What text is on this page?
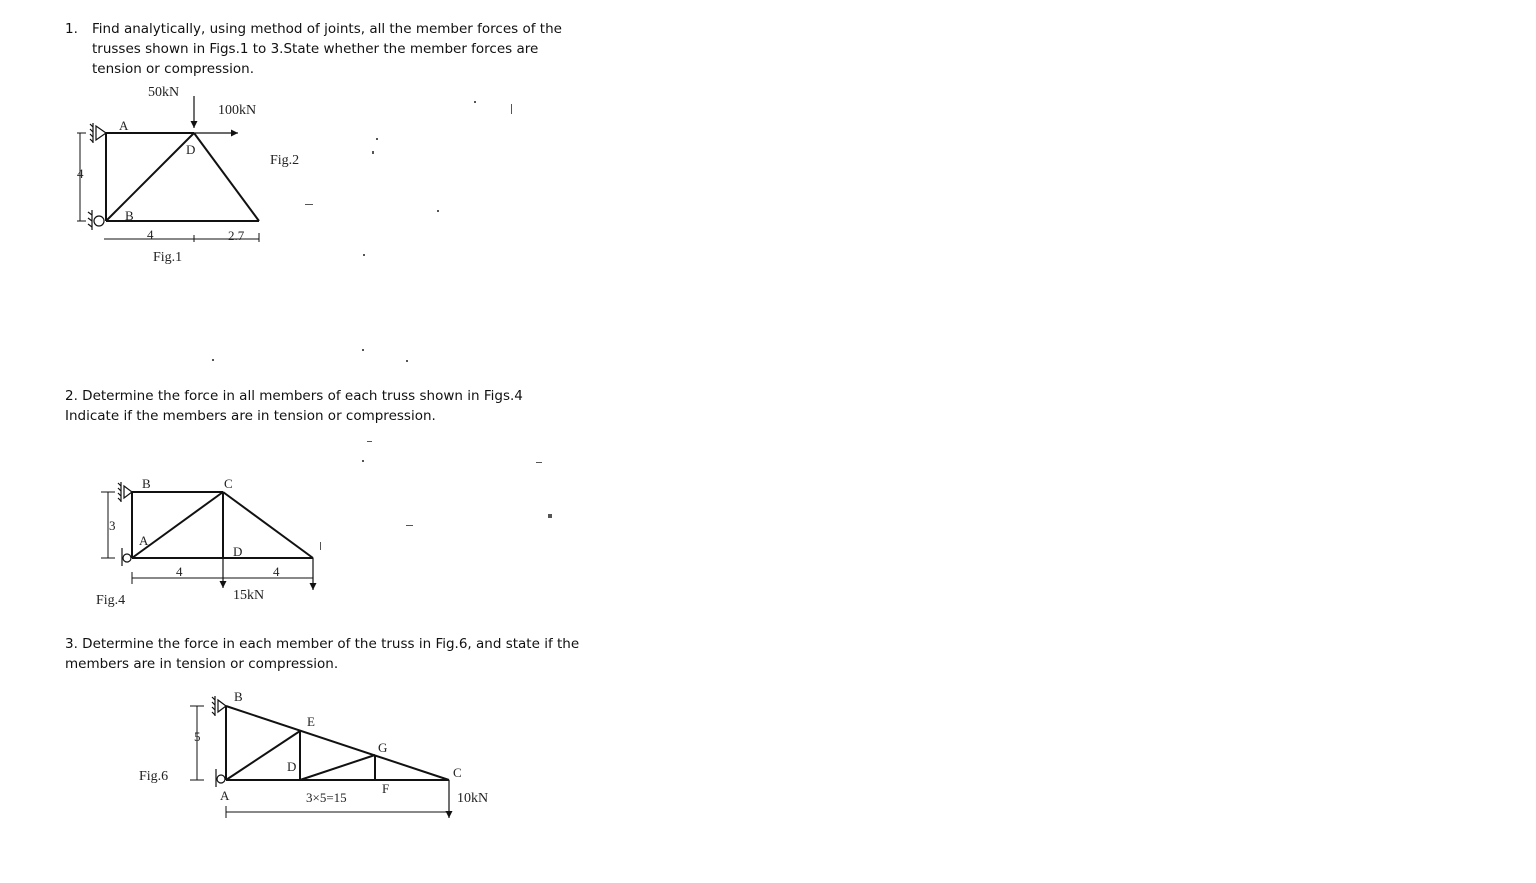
1. Find analytically, using method of joints, all the member forces of the
trusses shown in Figs.1 to 3.State whether the member forces are
tension or compression.
50kN
100kN
A
D
B
4
4	2.7
Fig.1
Fig.2
B	C
A
D
3
4	4
15kN
Fig.4
B
E
G
D	C
F
A
5
3×5=15	10kN
Fig.6
2. Determine the force in all members of each truss shown in Figs.4
Indicate if the members are in tension or compression.
3. Determine the force in each member of the truss in Fig.6, and state if the
members are in tension or compression.
